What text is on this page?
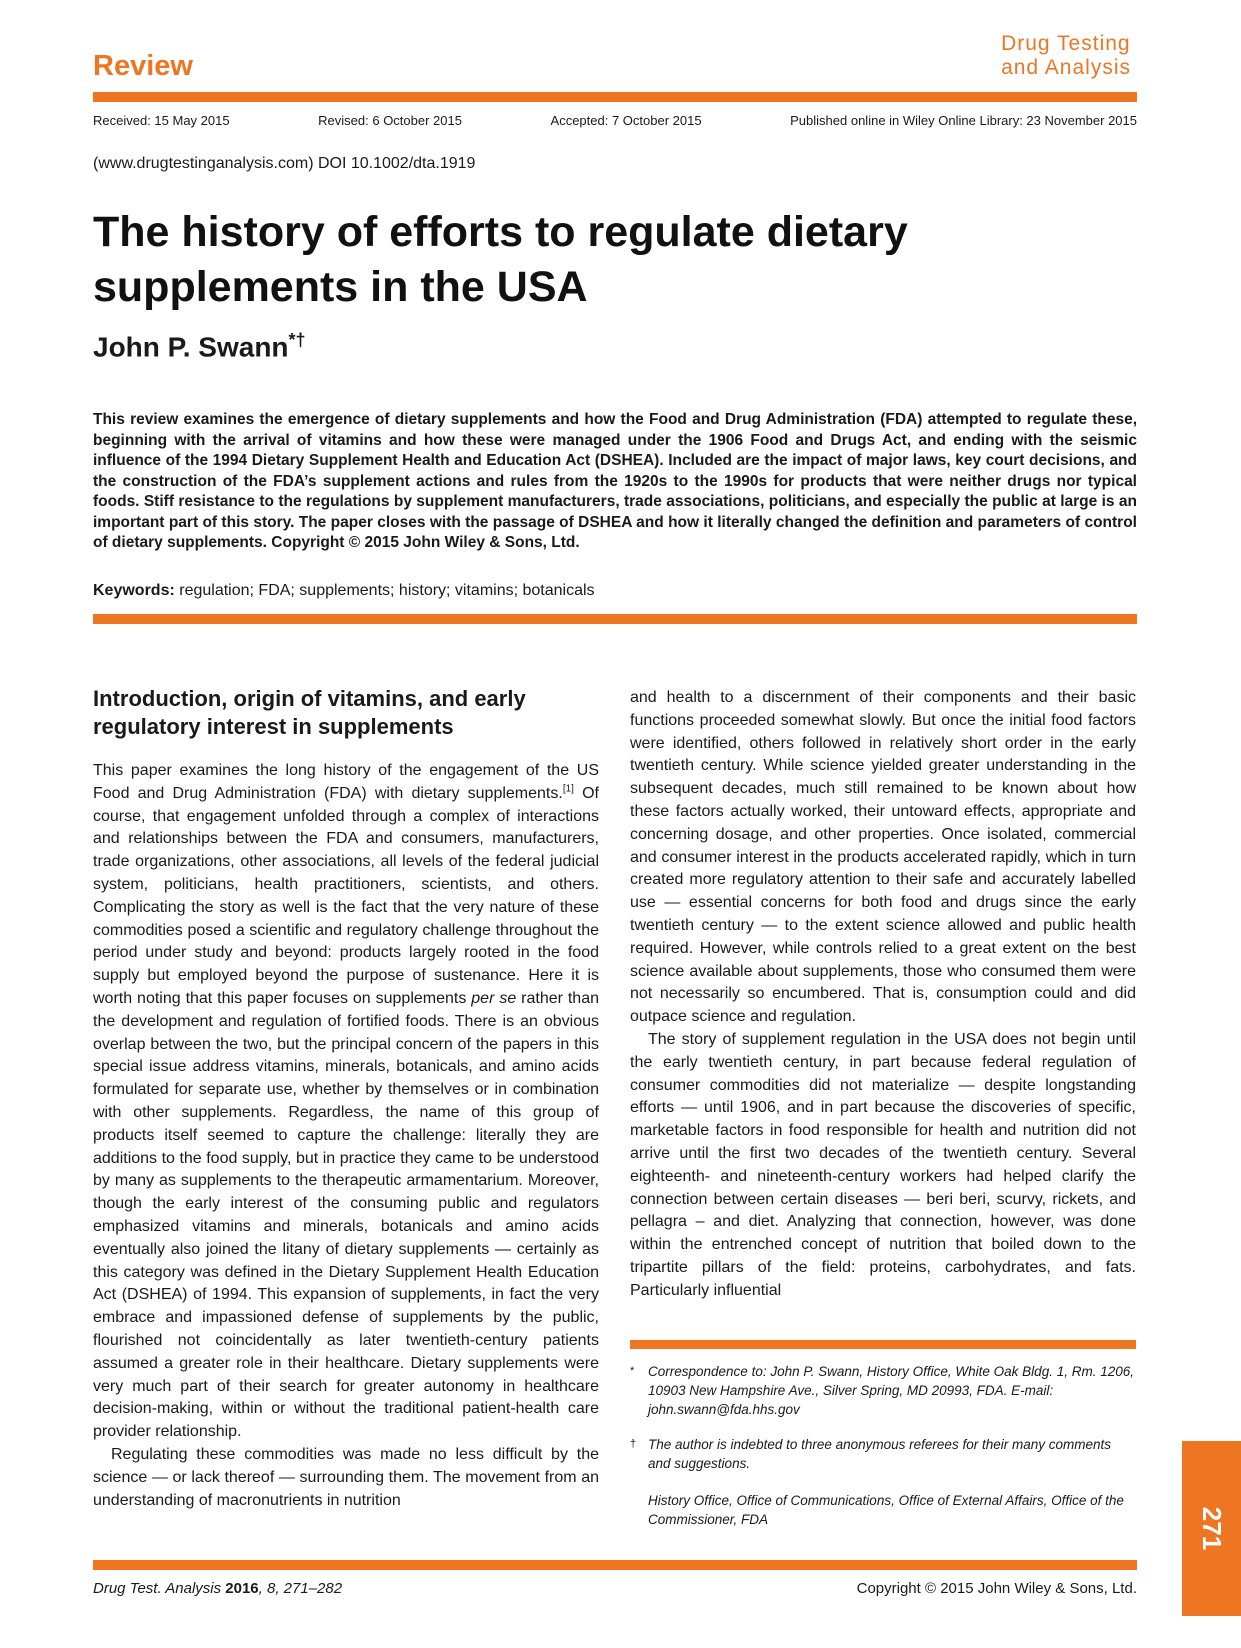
Review
Drug Testing
and Analysis
Received: 15 May 2015	Revised: 6 October 2015	Accepted: 7 October 2015	Published online in Wiley Online Library: 23 November 2015
(www.drugtestinganalysis.com) DOI 10.1002/dta.1919
The history of efforts to regulate dietary supplements in the USA
John P. Swann*†

This review examines the emergence of dietary supplements and how the Food and Drug Administration (FDA) attempted to regulate these, beginning with the arrival of vitamins and how these were managed under the 1906 Food and Drugs Act, and ending with the seismic influence of the 1994 Dietary Supplement Health and Education Act (DSHEA). Included are the impact of major laws, key court decisions, and the construction of the FDA’s supplement actions and rules from the 1920s to the 1990s for products that were neither drugs nor typical foods. Stiff resistance to the regulations by supplement manufacturers, trade associations, politicians, and especially the public at large is an important part of this story. The paper closes with the passage of DSHEA and how it literally changed the definition and parameters of control of dietary supplements. Copyright © 2015 John Wiley & Sons, Ltd.

Keywords: regulation; FDA; supplements; history; vitamins; botanicals
Introduction, origin of vitamins, and early regulatory interest in supplements

This paper examines the long history of the engagement of the US Food and Drug Administration (FDA) with dietary supplements.[1] Of course, that engagement unfolded through a complex of interactions and relationships between the FDA and consumers, manufacturers, trade organizations, other associations, all levels of the federal judicial system, politicians, health practitioners, scientists, and others. Complicating the story as well is the fact that the very nature of these commodities posed a scientific and regulatory challenge throughout the period under study and beyond: products largely rooted in the food supply but employed beyond the purpose of sustenance. Here it is worth noting that this paper focuses on supplements per se rather than the development and regulation of fortified foods. There is an obvious overlap between the two, but the principal concern of the papers in this special issue address vitamins, minerals, botanicals, and amino acids formulated for separate use, whether by themselves or in combination with other supplements. Regardless, the name of this group of products itself seemed to capture the challenge: literally they are additions to the food supply, but in practice they came to be understood by many as supplements to the therapeutic armamentarium. Moreover, though the early interest of the consuming public and regulators emphasized vitamins and minerals, botanicals and amino acids eventually also joined the litany of dietary supplements — certainly as this category was defined in the Dietary Supplement Health Education Act (DSHEA) of 1994. This expansion of supplements, in fact the very embrace and impassioned defense of supplements by the public, flourished not coincidentally as later twentieth-century patients assumed a greater role in their healthcare. Dietary supplements were very much part of their search for greater autonomy in healthcare decision-making, within or without the traditional patient-health care provider relationship.

Regulating these commodities was made no less difficult by the science — or lack thereof — surrounding them. The movement from an understanding of macronutrients in nutrition

and health to a discernment of their components and their basic functions proceeded somewhat slowly. But once the initial food factors were identified, others followed in relatively short order in the early twentieth century. While science yielded greater understanding in the subsequent decades, much still remained to be known about how these factors actually worked, their untoward effects, appropriate and concerning dosage, and other properties. Once isolated, commercial and consumer interest in the products accelerated rapidly, which in turn created more regulatory attention to their safe and accurately labelled use — essential concerns for both food and drugs since the early twentieth century — to the extent science allowed and public health required. However, while controls relied to a great extent on the best science available about supplements, those who consumed them were not necessarily so encumbered. That is, consumption could and did outpace science and regulation.

The story of supplement regulation in the USA does not begin until the early twentieth century, in part because federal regulation of consumer commodities did not materialize — despite longstanding efforts — until 1906, and in part because the discoveries of specific, marketable factors in food responsible for health and nutrition did not arrive until the first two decades of the twentieth century. Several eighteenth- and nineteenth-century workers had helped clarify the connection between certain diseases — beri beri, scurvy, rickets, and pellagra – and diet. Analyzing that connection, however, was done within the entrenched concept of nutrition that boiled down to the tripartite pillars of the field: proteins, carbohydrates, and fats. Particularly influential

*	Correspondence to: John P. Swann, History Office, White Oak Bldg. 1, Rm. 1206, 10903 New Hampshire Ave., Silver Spring, MD 20993, FDA. E-mail: john.swann@fda.hhs.gov
† The author is indebted to three anonymous referees for their many comments and suggestions.
History Office, Office of Communications, Office of External Affairs, Office of the Commissioner, FDA	271
Drug Test. Analysis 2016, 8, 271–282	Copyright © 2015 John Wiley & Sons, Ltd.
